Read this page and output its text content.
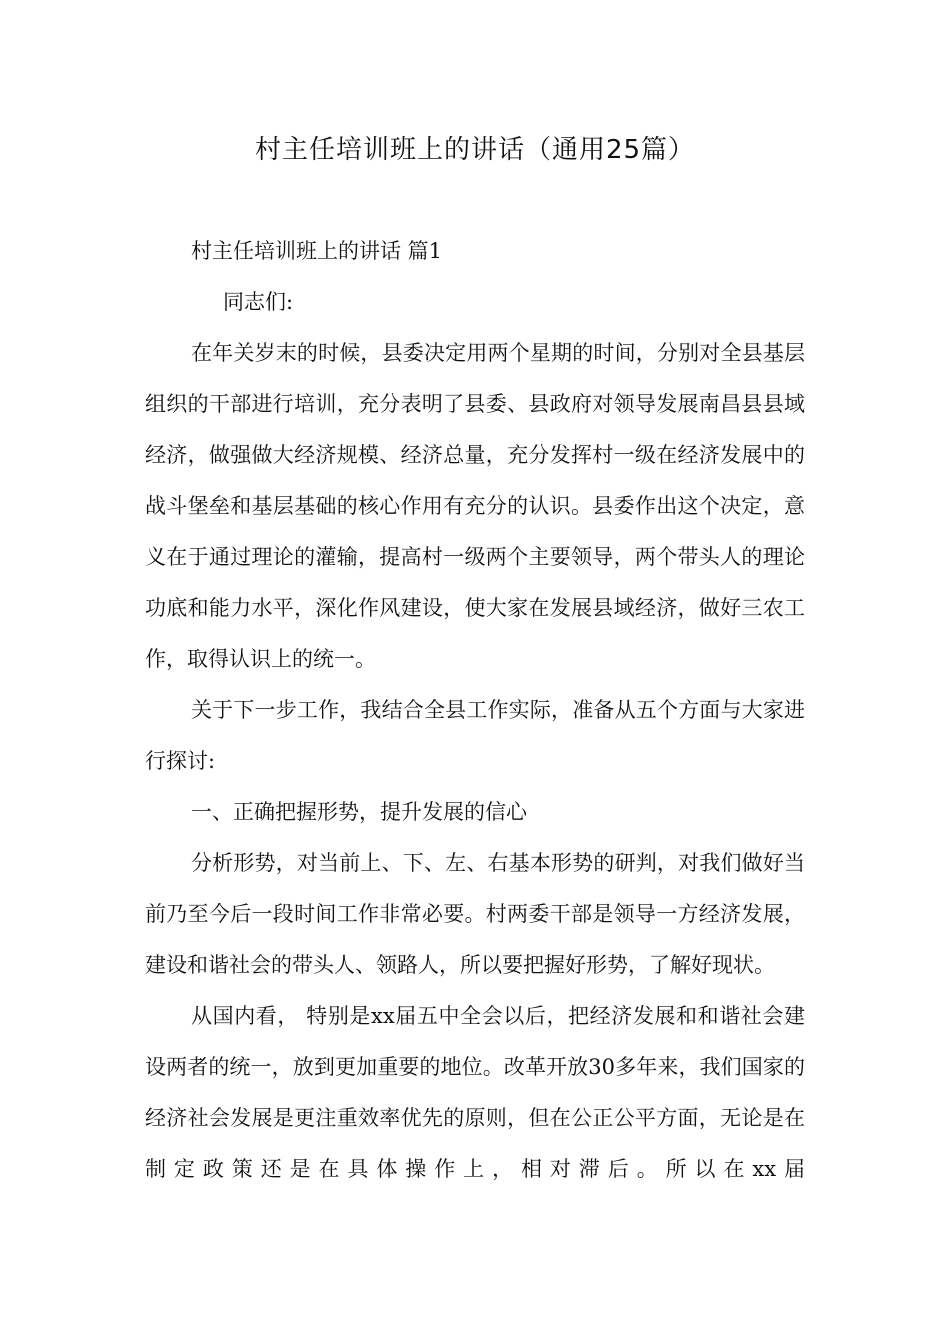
村主任培训班上的讲话（通用25篇）

村主任培训班上的讲话 篇1

同志们:

在年关岁末的时候，县委决定用两个星期的时间，分别对全县基层组织的干部进行培训，充分表明了县委、县政府对领导发展南昌县县域经济，做强做大经济规模、经济总量，充分发挥村一级在经济发展中的战斗堡垒和基层基础的核心作用有充分的认识。县委作出这个决定，意义在于通过理论的灌输，提高村一级两个主要领导，两个带头人的理论功底和能力水平，深化作风建设，使大家在发展县域经济，做好三农工作，取得认识上的统一。

关于下一步工作，我结合全县工作实际，准备从五个方面与大家进行探讨:

一、正确把握形势，提升发展的信心

分析形势，对当前上、下、左、右基本形势的研判，对我们做好当前乃至今后一段时间工作非常必要。村两委干部是领导一方经济发展，建设和谐社会的带头人、领路人，所以要把握好形势，了解好现状。

从国内看， 特别是xx届五中全会以后，把经济发展和和谐社会建设两者的统一，放到更加重要的地位。改革开放30多年来，我们国家的经济社会发展是更注重效率优先的原则，但在公正公平方面，无论是在制定政策还是在具体操作上，相对滞后。所以在xx届
